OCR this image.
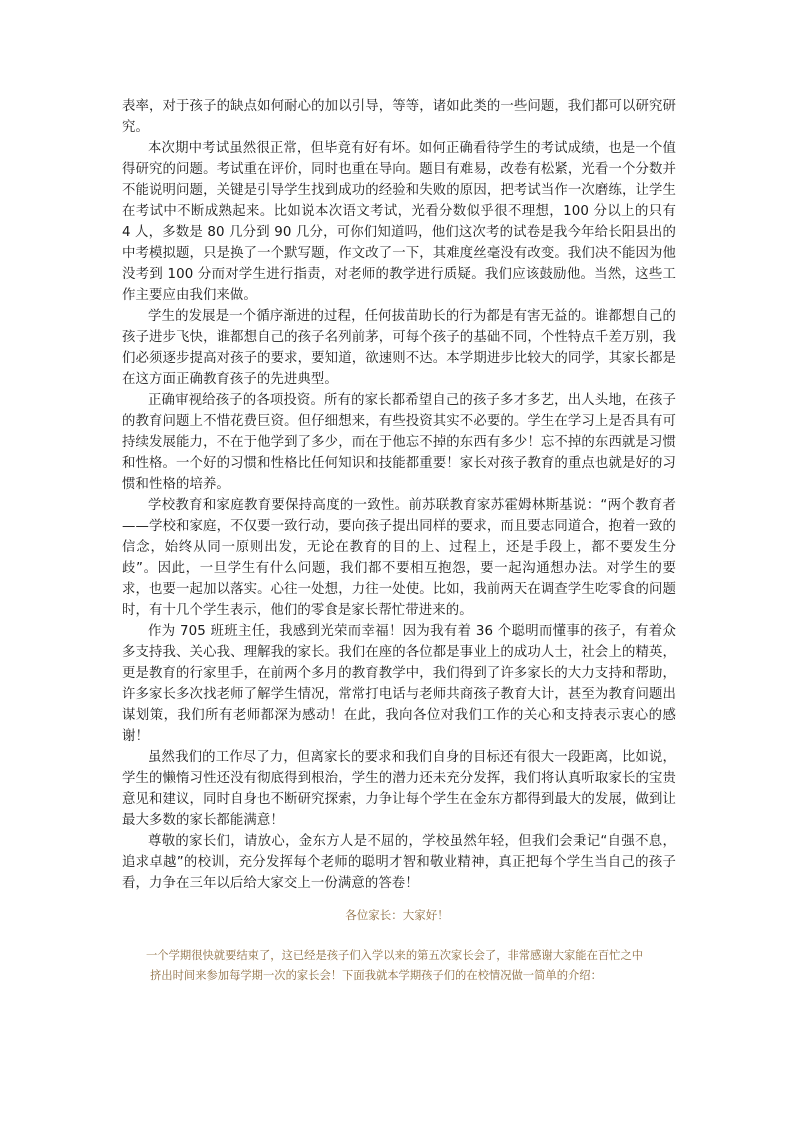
表率，对于孩子的缺点如何耐心的加以引导，等等，诸如此类的一些问题，我们都可以研究研究。

本次期中考试虽然很正常，但毕竟有好有坏。如何正确看待学生的考试成绩，也是一个值得研究的问题。考试重在评价，同时也重在导向。题目有难易，改卷有松紧，光看一个分数并不能说明问题，关键是引导学生找到成功的经验和失败的原因，把考试当作一次磨练，让学生在考试中不断成熟起来。比如说本次语文考试，光看分数似乎很不理想，100 分以上的只有 4 人，多数是 80 几分到 90 几分，可你们知道吗，他们这次考的试卷是我今年给长阳县出的中考模拟题，只是换了一个默写题，作文改了一下，其难度丝毫没有改变。我们决不能因为他没考到 100 分而对学生进行指责，对老师的教学进行质疑。我们应该鼓励他。当然，这些工作主要应由我们来做。

学生的发展是一个循序渐进的过程，任何拔苗助长的行为都是有害无益的。谁都想自己的孩子进步飞快，谁都想自己的孩子名列前茅，可每个孩子的基础不同，个性特点千差万别，我们必须逐步提高对孩子的要求，要知道，欲速则不达。本学期进步比较大的同学，其家长都是在这方面正确教育孩子的先进典型。

正确审视给孩子的各项投资。所有的家长都希望自己的孩子多才多艺，出人头地，在孩子的教育问题上不惜花费巨资。但仔细想来，有些投资其实不必要的。学生在学习上是否具有可持续发展能力，不在于他学到了多少，而在于他忘不掉的东西有多少！忘不掉的东西就是习惯和性格。一个好的习惯和性格比任何知识和技能都重要！家长对孩子教育的重点也就是好的习惯和性格的培养。

学校教育和家庭教育要保持高度的一致性。前苏联教育家苏霍姆林斯基说：“两个教育者——学校和家庭，不仅要一致行动，要向孩子提出同样的要求，而且要志同道合，抱着一致的信念，始终从同一原则出发，无论在教育的目的上、过程上，还是手段上，都不要发生分歧”。因此，一旦学生有什么问题，我们都不要相互抱怨，要一起沟通想办法。对学生的要求，也要一起加以落实。心往一处想，力往一处使。比如，我前两天在调查学生吃零食的问题时，有十几个学生表示，他们的零食是家长帮忙带进来的。

作为 705 班班主任，我感到光荣而幸福！因为我有着 36 个聪明而懂事的孩子，有着众多支持我、关心我、理解我的家长。我们在座的各位都是事业上的成功人士，社会上的精英，更是教育的行家里手，在前两个多月的教育教学中，我们得到了许多家长的大力支持和帮助，许多家长多次找老师了解学生情况，常常打电话与老师共商孩子教育大计，甚至为教育问题出谋划策，我们所有老师都深为感动！在此，我向各位对我们工作的关心和支持表示衷心的感谢！

虽然我们的工作尽了力，但离家长的要求和我们自身的目标还有很大一段距离，比如说，学生的懒惰习性还没有彻底得到根治，学生的潜力还未充分发挥，我们将认真听取家长的宝贵意见和建议，同时自身也不断研究探索，力争让每个学生在金东方都得到最大的发展，做到让最大多数的家长都能满意！

尊敬的家长们，请放心，金东方人是不屈的，学校虽然年轻，但我们会秉记“自强不息，追求卓越”的校训，充分发挥每个老师的聪明才智和敬业精神，真正把每个学生当自己的孩子看，力争在三年以后给大家交上一份满意的答卷！

各位家长：大家好！
一个学期很快就要结束了，这已经是孩子们入学以来的第五次家长会了，非常感谢大家能在百忙之中
挤出时间来参加每学期一次的家长会！下面我就本学期孩子们的在校情况做一简单的介绍：
